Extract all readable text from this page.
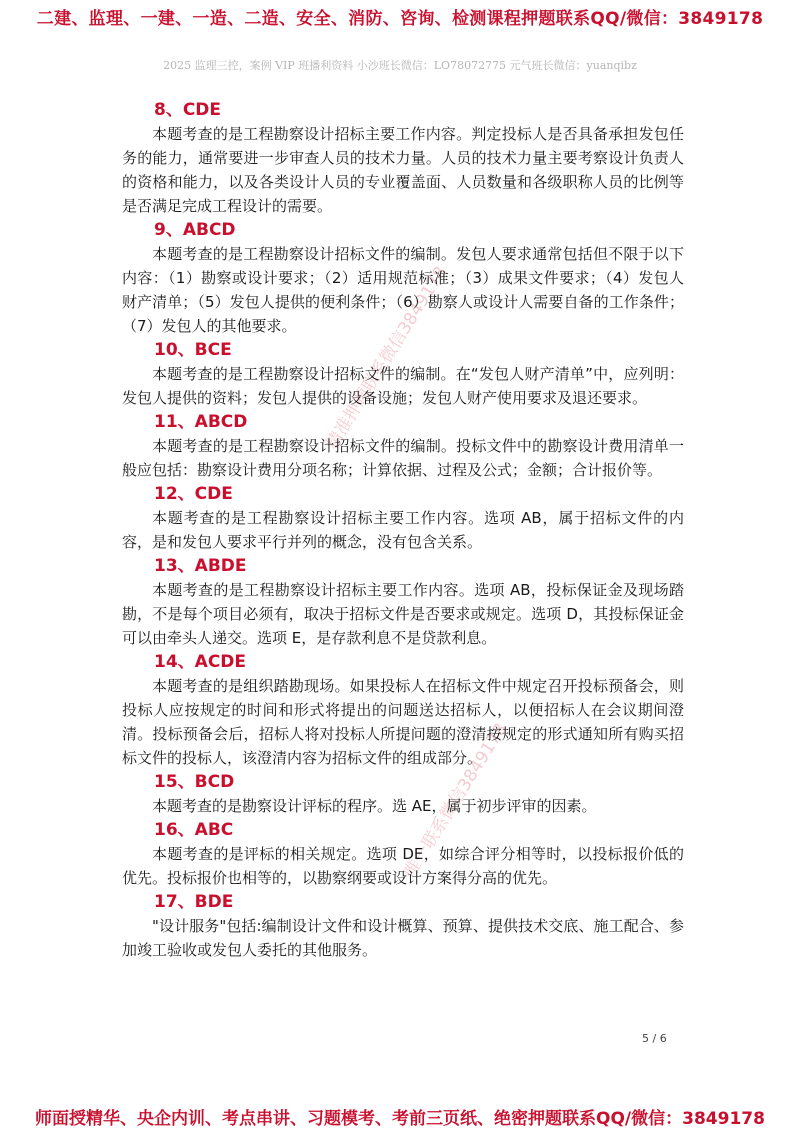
二建、监理、一建、一造、二造、安全、消防、咨询、检测课程押题联系QQ/微信：3849178
2025 监理三控，案例 VIP 班播利资料 小沙班长微信：LO78072775 元气班长微信：yuanqibz
精准押题联系微信3849178
唯一联系微信3849178
8、CDE

本题考查的是工程勘察设计招标主要工作内容。判定投标人是否具备承担发包任务的能力，通常要进一步审查人员的技术力量。人员的技术力量主要考察设计负责人的资格和能力，以及各类设计人员的专业覆盖面、人员数量和各级职称人员的比例等是否满足完成工程设计的需要。

9、ABCD

本题考查的是工程勘察设计招标文件的编制。发包人要求通常包括但不限于以下内容：（1）勘察或设计要求；（2）适用规范标准；（3）成果文件要求；（4）发包人财产清单；（5）发包人提供的便利条件；（6）勘察人或设计人需要自备的工作条件；（7）发包人的其他要求。

10、BCE

本题考查的是工程勘察设计招标文件的编制。在“发包人财产清单”中，应列明：发包人提供的资料；发包人提供的设备设施；发包人财产使用要求及退还要求。

11、ABCD

本题考查的是工程勘察设计招标文件的编制。投标文件中的勘察设计费用清单一般应包括：勘察设计费用分项名称；计算依据、过程及公式；金额；合计报价等。

12、CDE

本题考查的是工程勘察设计招标主要工作内容。选项 AB，属于招标文件的内容，是和发包人要求平行并列的概念，没有包含关系。

13、ABDE

本题考查的是工程勘察设计招标主要工作内容。选项 AB，投标保证金及现场踏勘，不是每个项目必须有，取决于招标文件是否要求或规定。选项 D，其投标保证金可以由牵头人递交。选项 E，是存款利息不是贷款利息。

14、ACDE

本题考查的是组织踏勘现场。如果投标人在招标文件中规定召开投标预备会，则投标人应按规定的时间和形式将提出的问题送达招标人，以便招标人在会议期间澄清。投标预备会后，招标人将对投标人所提问题的澄清按规定的形式通知所有购买招标文件的投标人，该澄清内容为招标文件的组成部分。

15、BCD

本题考查的是勘察设计评标的程序。选 AE，属于初步评审的因素。

16、ABC

本题考查的是评标的相关规定。选项 DE，如综合评分相等时，以投标报价低的优先。投标报价也相等的，以勘察纲要或设计方案得分高的优先。

17、BDE

"设计服务"包括:编制设计文件和设计概算、预算、提供技术交底、施工配合、参加竣工验收或发包人委托的其他服务。

5 / 6
师面授精华、央企内训、考点串讲、习题模考、考前三页纸、绝密押题联系QQ/微信：3849178
